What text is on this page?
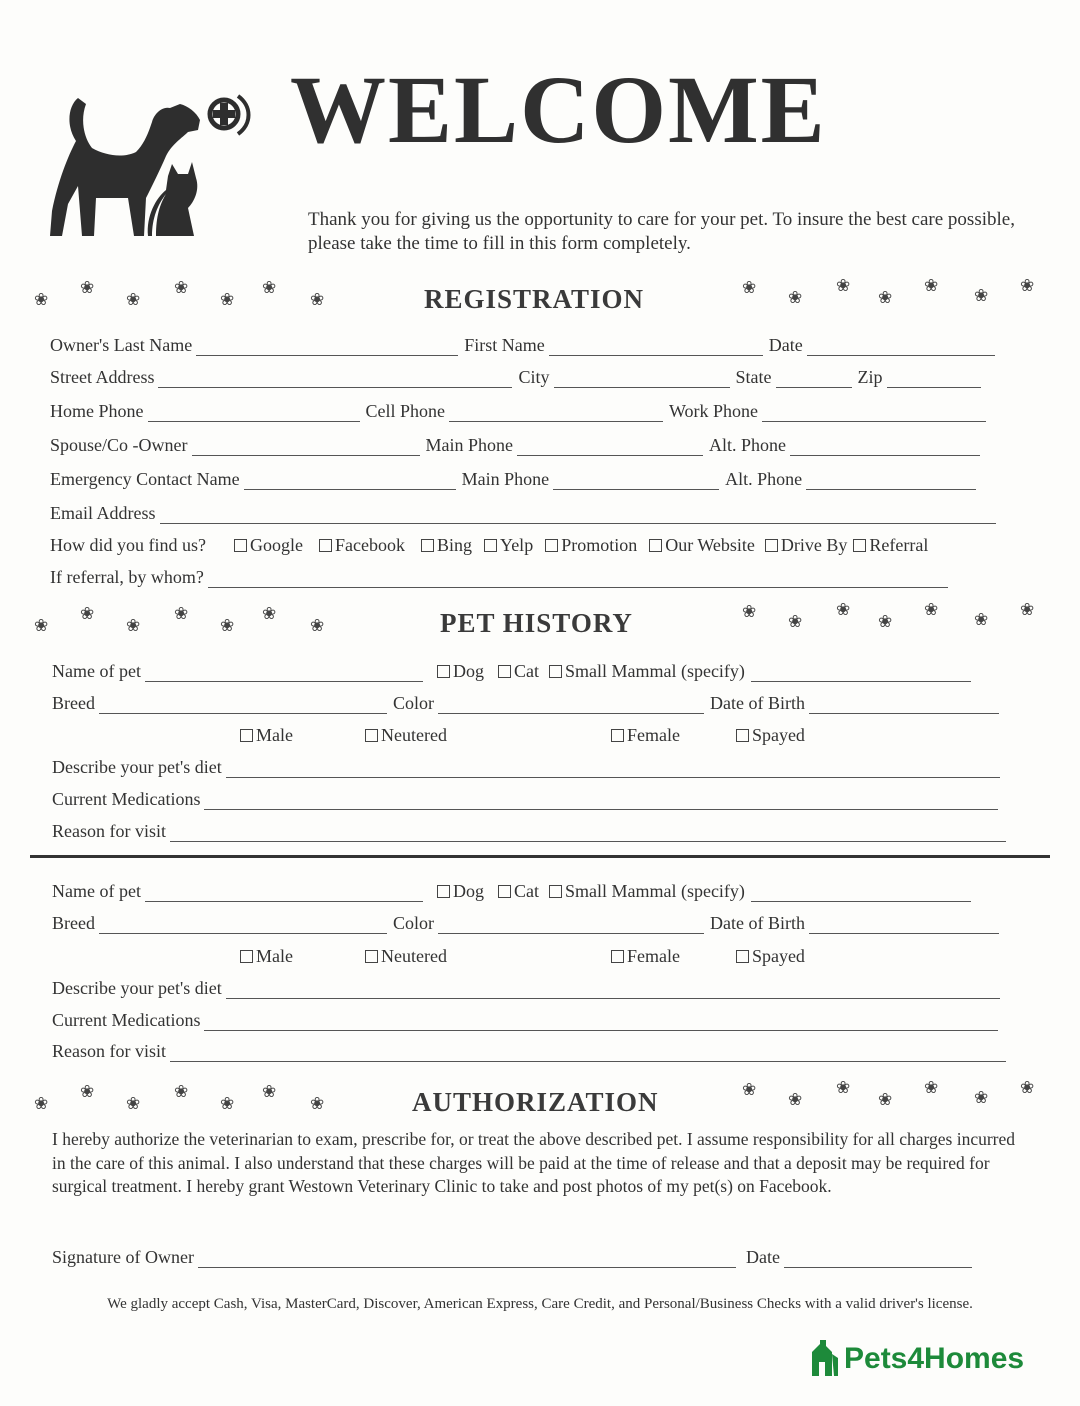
WELCOME
Thank you for giving us the opportunity to care for your pet. To insure the best care possible, please take the time to fill in this form completely.
❀
❀
❀
❀
❀
❀
❀	REGISTRATION	❀ ❀
❀
❀
❀ ❀ ❀
Owner's Last Name	First Name	Date
Street Address	City	State	Zip
Home Phone	Cell Phone	Work Phone
Spouse/Co -Owner	Main Phone	Alt. Phone
Emergency Contact Name	Main Phone	Alt. Phone
Email Address
How did you find us? Google Facebook Bing Yelp Promotion Our Website Drive By Referral
If referral, by whom?
❀
❀
❀
❀
❀
❀
❀	PET HISTORY	❀ ❀
❀
❀
❀ ❀ ❀
Name of pet	Dog Cat Small Mammal (specify)
Breed	Color	Date of Birth
Male	Neutered	Female	Spayed
Describe your pet's diet
Current Medications
Reason for visit
Name of pet	Dog Cat Small Mammal (specify)
Breed	Color	Date of Birth
Male	Neutered	Female	Spayed
Describe your pet's diet
Current Medications
Reason for visit
❀
❀
❀
❀
❀
❀
❀	AUTHORIZATION	❀ ❀
❀
❀
❀ ❀ ❀
I hereby authorize the veterinarian to exam, prescribe for, or treat the above described pet. I assume responsibility for all charges incurred in the care of this animal. I also understand that these charges will be paid at the time of release and that a deposit may be required for surgical treatment. I hereby grant Westown Veterinary Clinic to take and post photos of my pet(s) on Facebook.
Signature of Owner	Date
We gladly accept Cash, Visa, MasterCard, Discover, American Express, Care Credit, and Personal/Business Checks with a valid driver's license.
Pets4Homes
